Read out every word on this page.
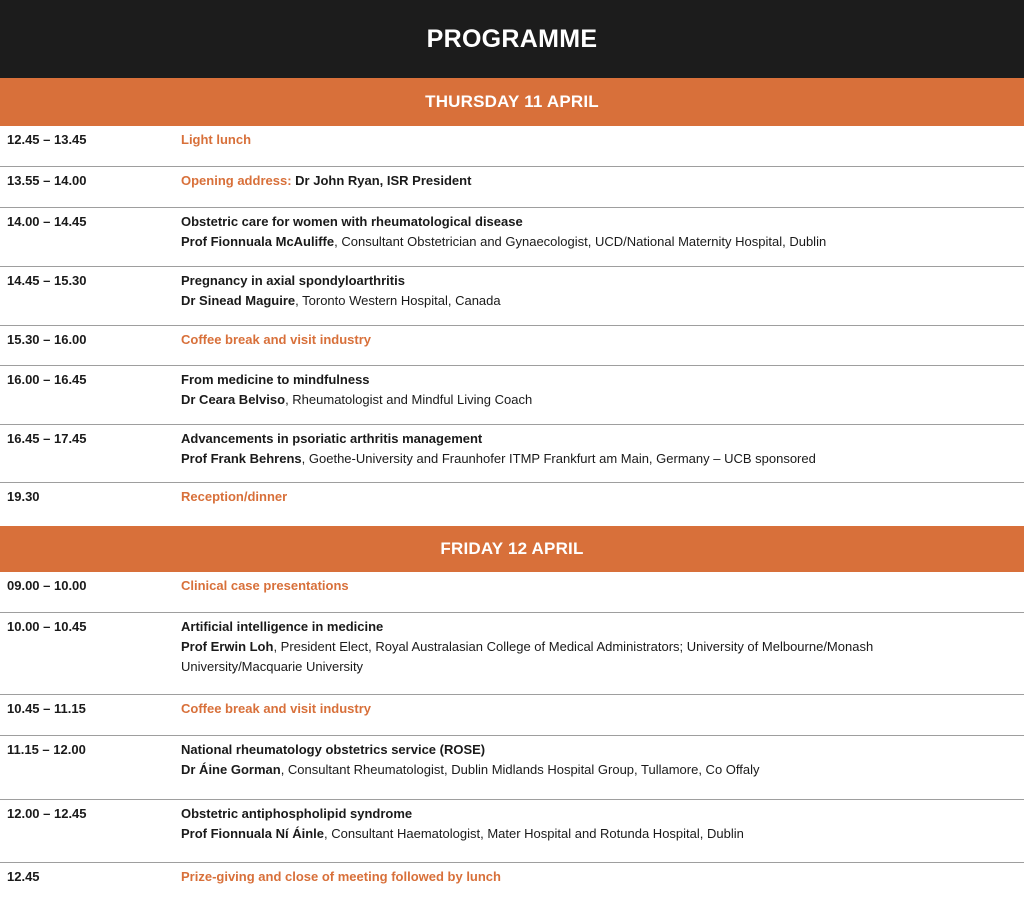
PROGRAMME
THURSDAY 11 APRIL
12.45 – 13.45	Light lunch
13.55 – 14.00	Opening address: Dr John Ryan, ISR President
14.00 – 14.45	Obstetric care for women with rheumatological disease
Prof Fionnuala McAuliffe, Consultant Obstetrician and Gynaecologist, UCD/National Maternity Hospital, Dublin
14.45 – 15.30	Pregnancy in axial spondyloarthritis
Dr Sinead Maguire, Toronto Western Hospital, Canada
15.30 – 16.00	Coffee break and visit industry
16.00 – 16.45	From medicine to mindfulness
Dr Ceara Belviso, Rheumatologist and Mindful Living Coach
16.45 – 17.45	Advancements in psoriatic arthritis management
Prof Frank Behrens, Goethe-University and Fraunhofer ITMP Frankfurt am Main, Germany – UCB sponsored
19.30	Reception/dinner
FRIDAY 12 APRIL
09.00 – 10.00	Clinical case presentations
10.00 – 10.45	Artificial intelligence in medicine
Prof Erwin Loh, President Elect, Royal Australasian College of Medical Administrators; University of Melbourne/Monash University/Macquarie University
10.45 – 11.15	Coffee break and visit industry
11.15 – 12.00	National rheumatology obstetrics service (ROSE)
Dr Áine Gorman, Consultant Rheumatologist, Dublin Midlands Hospital Group, Tullamore, Co Offaly
12.00 – 12.45	Obstetric antiphospholipid syndrome
Prof Fionnuala Ní Áinle, Consultant Haematologist, Mater Hospital and Rotunda Hospital, Dublin
12.45	Prize-giving and close of meeting followed by lunch
